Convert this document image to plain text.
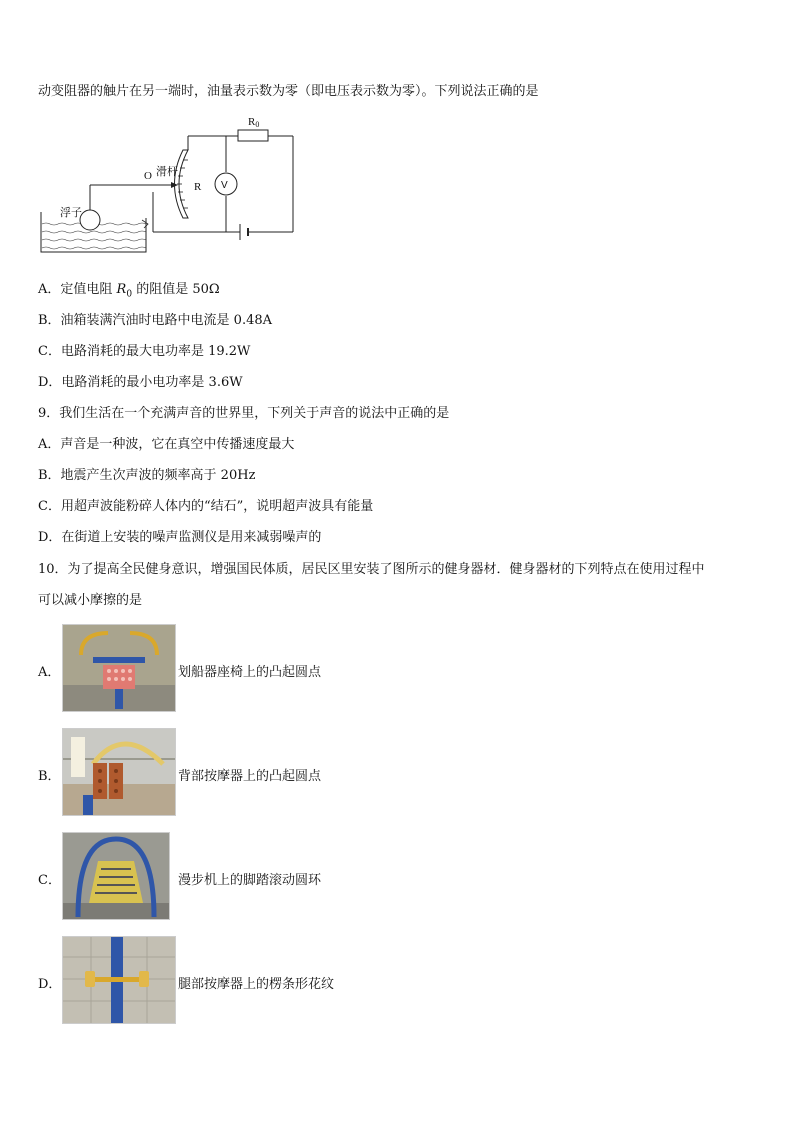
动变阻器的触片在另一端时，油量表示数为零（即电压表示数为零）。下列说法正确的是
R0
V
R
O 滑杆
浮子
A．定值电阻 $R_0$ 的阻值是 50Ω
B．油箱装满汽油时电路中电流是 0.48A
C．电路消耗的最大电功率是 19.2W
D．电路消耗的最小电功率是 3.6W
9．我们生活在一个充满声音的世界里，下列关于声音的说法中正确的是
A．声音是一种波，它在真空中传播速度最大
B．地震产生次声波的频率高于 20Hz
C．用超声波能粉碎人体内的“结石”，说明超声波具有能量
D．在街道上安装的噪声监测仪是用来减弱噪声的
10．为了提高全民健身意识，增强国民体质，居民区里安装了图所示的健身器材．健身器材的下列特点在使用过程中
可以减小摩擦的是
A．	划船器座椅上的凸起圆点
B．	背部按摩器上的凸起圆点
C．	漫步机上的脚踏滚动圆环
D．	腿部按摩器上的楞条形花纹
